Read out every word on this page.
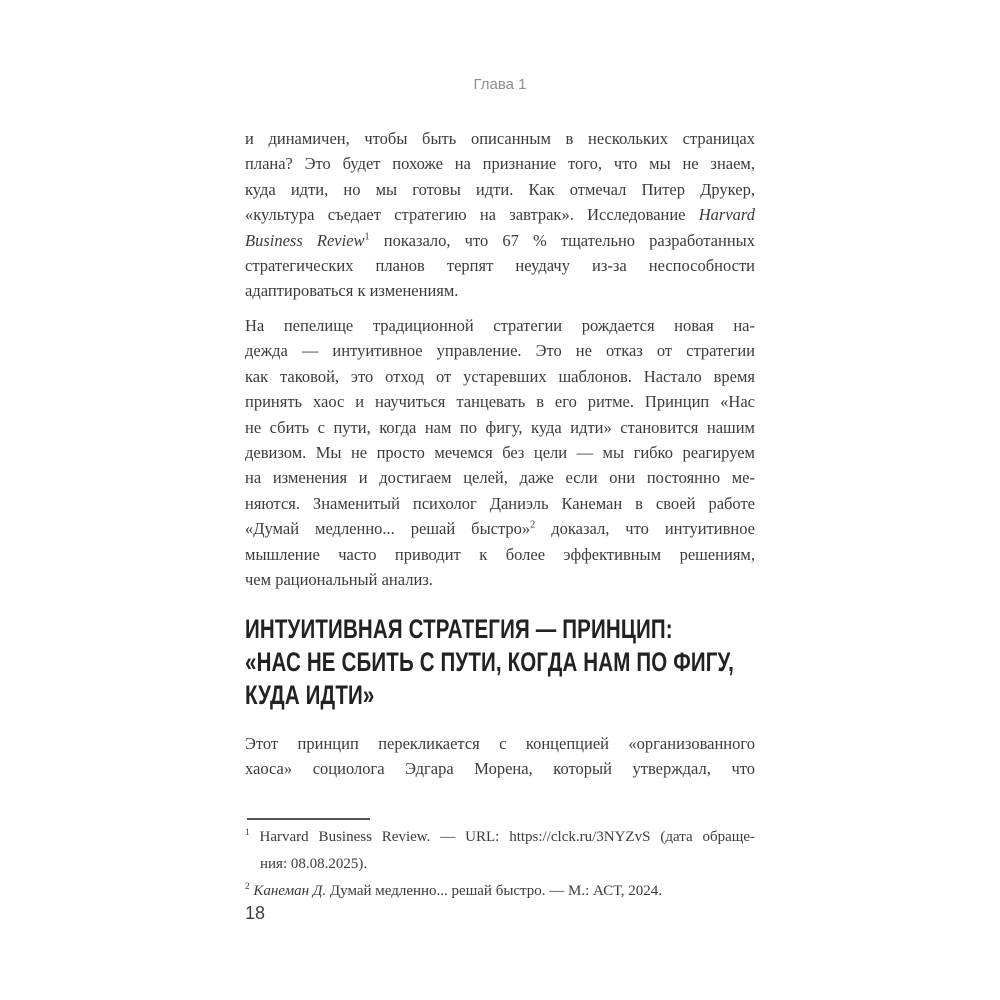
Глава 1
и динамичен, чтобы быть описанным в нескольких страницах
плана? Это будет похоже на признание того, что мы не знаем,
куда идти, но мы готовы идти. Как отмечал Питер Друкер,
«культура съедает стратегию на завтрак». Исследование Harvard
Business Review$^1$ показало, что 67 % тщательно разработанных
стратегических планов терпят неудачу из-за неспособности
адаптироваться к изменениям.
На пепелище традиционной стратегии рождается новая на-
дежда — интуитивное управление. Это не отказ от стратегии
как таковой, это отход от устаревших шаблонов. Настало время
принять хаос и научиться танцевать в его ритме. Принцип «Нас
не сбить с пути, когда нам по фигу, куда идти» становится нашим
девизом. Мы не просто мечемся без цели — мы гибко реагируем
на изменения и достигаем целей, даже если они постоянно ме-
няются. Знаменитый психолог Даниэль Канеман в своей работе
«Думай медленно... решай быстро»$^2$ доказал, что интуитивное
мышление часто приводит к более эффективным решениям,
чем рациональный анализ.
ИНТУИТИВНАЯ СТРАТЕГИЯ — ПРИНЦИП:
«НАС НЕ СБИТЬ С ПУТИ, КОГДА НАМ ПО ФИГУ,
КУДА ИДТИ»
Этот принцип перекликается с концепцией «организованного
хаоса» социолога Эдгара Морена, который утверждал, что
$^1$ Harvard Business Review. — URL: https://clck.ru/3NYZvS (дата обраще-
ния: 08.08.2025).
$^2$ Канеман Д. Думай медленно... решай быстро. — М.: АСТ, 2024.
18
